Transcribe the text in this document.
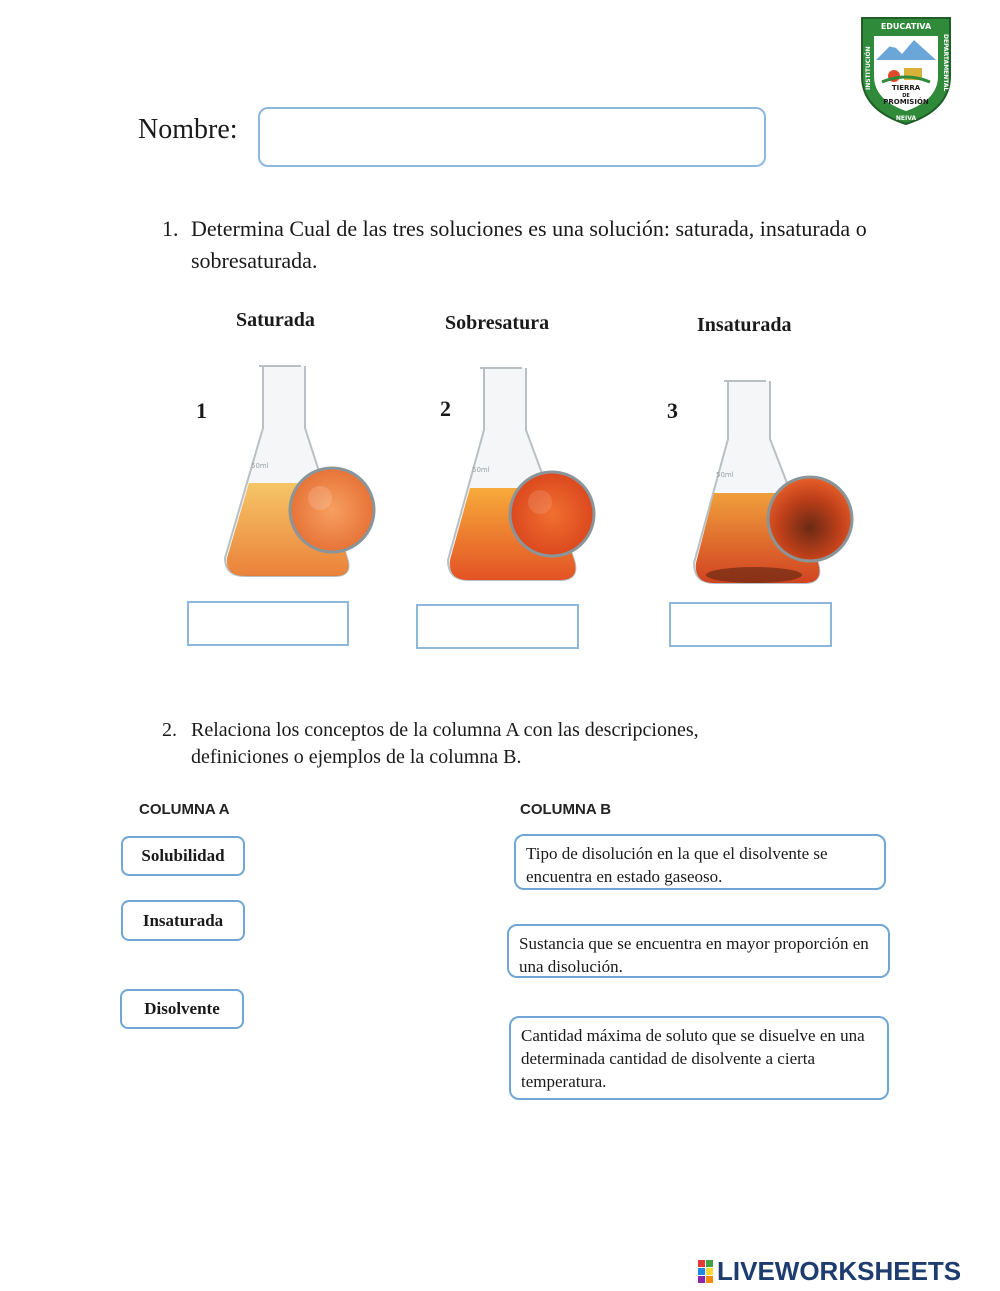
EDUCATIVA
TIERRA
DE
PROMISIÓN
NEIVA
INSTITUCIÓN	DEPARTAMENTAL
Nombre:
1. Determina Cual de las tres soluciones es una solución: saturada, insaturada o sobresaturada.
Saturada	Sobresatura	Insaturada
1	2	3
50ml	50ml
50ml
2. Relaciona los conceptos de la columna A con las descripciones, definiciones o ejemplos de la columna B.
COLUMNA A	COLUMNA B
Solubilidad
Insaturada
Disolvente
Tipo de disolución en la que el disolvente se encuentra en estado gaseoso.
Sustancia que se encuentra en mayor proporción en una disolución.
Cantidad máxima de soluto que se disuelve en una determinada cantidad de disolvente a cierta temperatura.
LIVEWORKSHEETS
